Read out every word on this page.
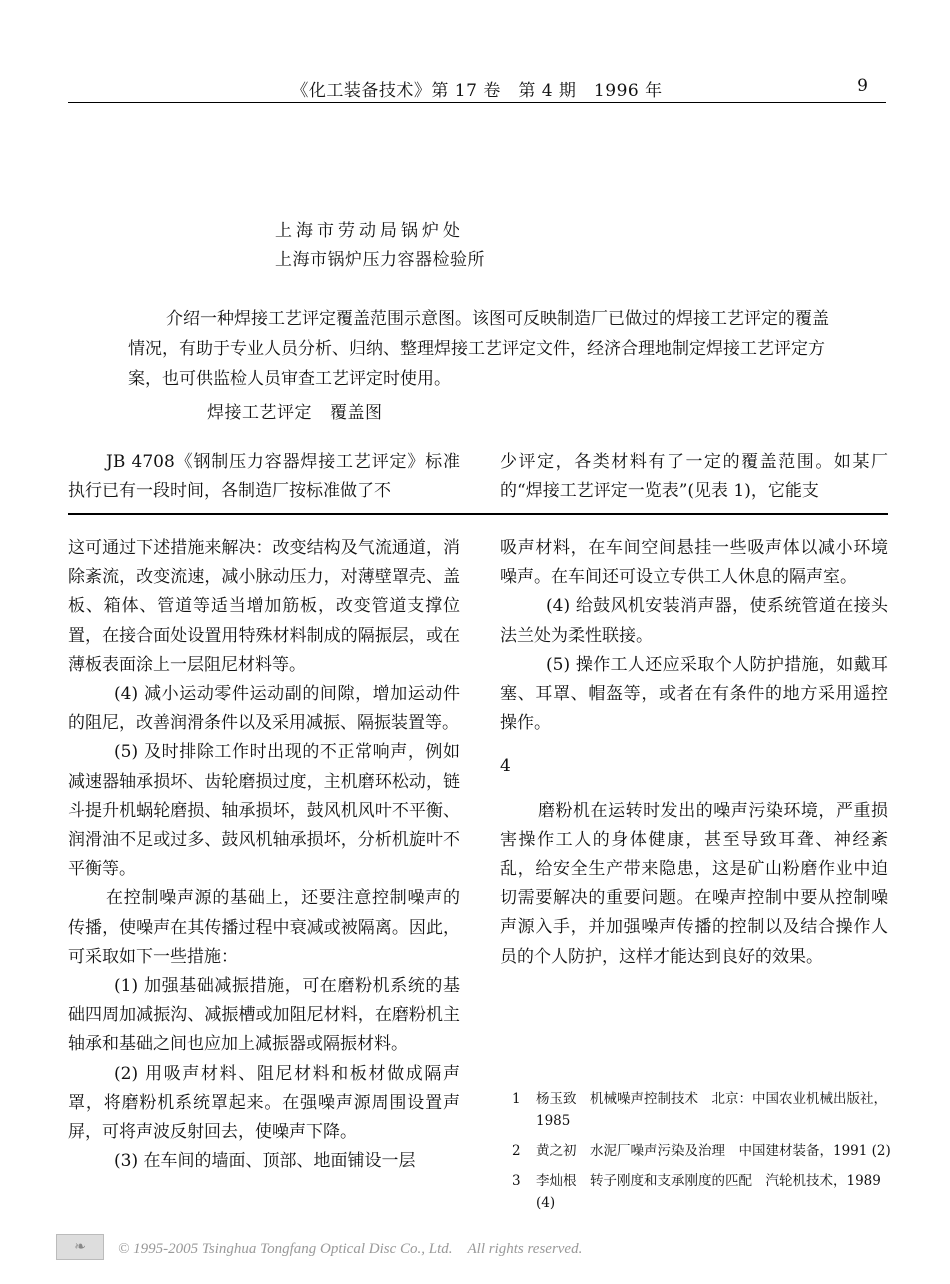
《化工装备技术》第 17 卷　第 4 期　1996 年	9
上海市劳动局锅炉处
上海市锅炉压力容器检验所

介绍一种焊接工艺评定覆盖范围示意图。该图可反映制造厂已做过的焊接工艺评定的覆盖情况，有助于专业人员分析、归纳、整理焊接工艺评定文件，经济合理地制定焊接工艺评定方案，也可供监检人员审查工艺评定时使用。

焊接工艺评定 覆盖图

JB 4708《钢制压力容器焊接工艺评定》标准执行已有一段时间，各制造厂按标准做了不

少评定，各类材料有了一定的覆盖范围。如某厂的“焊接工艺评定一览表”(见表 1)，它能支

这可通过下述措施来解决：改变结构及气流通道，消除紊流，改变流速，减小脉动压力，对薄壁罩壳、盖板、箱体、管道等适当增加筋板，改变管道支撑位置，在接合面处设置用特殊材料制成的隔振层，或在薄板表面涂上一层阻尼材料等。

(4) 减小运动零件运动副的间隙，增加运动件的阻尼，改善润滑条件以及采用减振、隔振装置等。

(5) 及时排除工作时出现的不正常响声，例如减速器轴承损坏、齿轮磨损过度，主机磨环松动，链斗提升机蜗轮磨损、轴承损坏，鼓风机风叶不平衡、润滑油不足或过多、鼓风机轴承损坏，分析机旋叶不平衡等。

在控制噪声源的基础上，还要注意控制噪声的传播，使噪声在其传播过程中衰减或被隔离。因此，可采取如下一些措施：

(1) 加强基础减振措施，可在磨粉机系统的基础四周加减振沟、减振槽或加阻尼材料，在磨粉机主轴承和基础之间也应加上减振器或隔振材料。

(2) 用吸声材料、阻尼材料和板材做成隔声罩，将磨粉机系统罩起来。在强噪声源周围设置声屏，可将声波反射回去，使噪声下降。

(3) 在车间的墙面、顶部、地面铺设一层

吸声材料，在车间空间悬挂一些吸声体以减小环境噪声。在车间还可设立专供工人休息的隔声室。

(4) 给鼓风机安装消声器，使系统管道在接头法兰处为柔性联接。

(5) 操作工人还应采取个人防护措施，如戴耳塞、耳罩、帽盔等，或者在有条件的地方采用遥控操作。

4

磨粉机在运转时发出的噪声污染环境，严重损害操作工人的身体健康，甚至导致耳聋、神经紊乱，给安全生产带来隐患，这是矿山粉磨作业中迫切需要解决的重要问题。在噪声控制中要从控制噪声源入手，并加强噪声传播的控制以及结合操作人员的个人防护，这样才能达到良好的效果。

1	杨玉致　机械噪声控制技术　北京：中国农业机械出版社，1985
2	黄之初　水泥厂噪声污染及治理　中国建材装备，1991 (2)
3	李灿根　转子刚度和支承刚度的匹配　汽轮机技术，1989 (4)
❧	© 1995-2005 Tsinghua Tongfang Optical Disc Co., Ltd.　All rights reserved.
